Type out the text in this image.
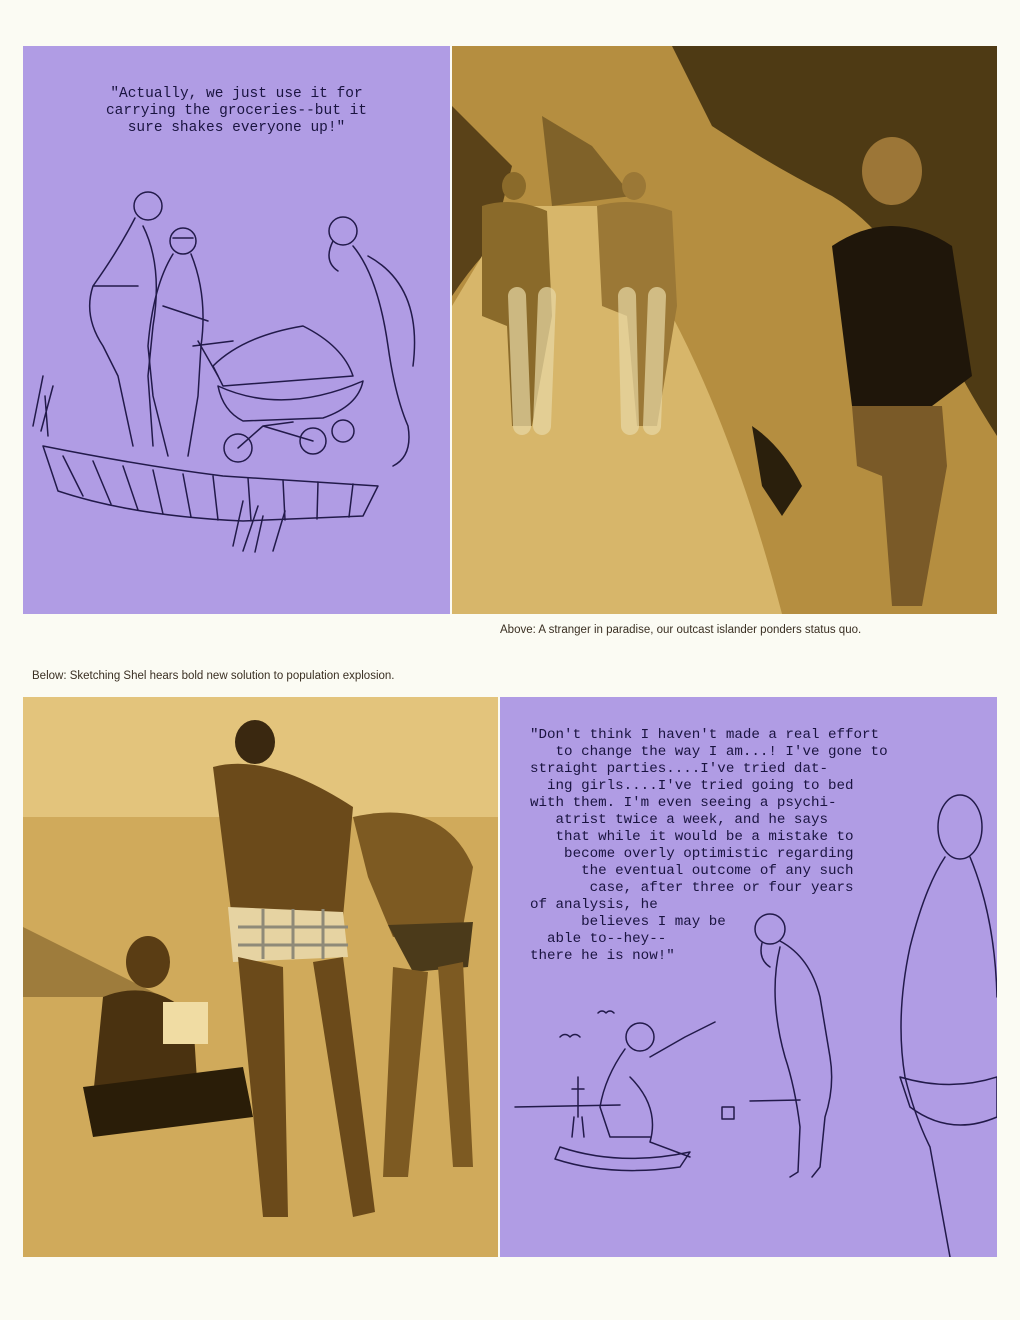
"Actually, we just use it for
carrying the groceries--but it
sure shakes everyone up!"

Above: A stranger in paradise, our outcast islander ponders status quo.

Below: Sketching Shel hears bold new solution to population explosion.

"Don't think I haven't made a real effort
to change the way I am...! I've gone to
straight parties....I've tried dat-
ing girls....I've tried going to bed
with them. I'm even seeing a psychi-
atrist twice a week, and he says
that while it would be a mistake to
become overly optimistic regarding
the eventual outcome of any such
case, after three or four years
of analysis, he
believes I may be
able to--hey--
there he is now!"
